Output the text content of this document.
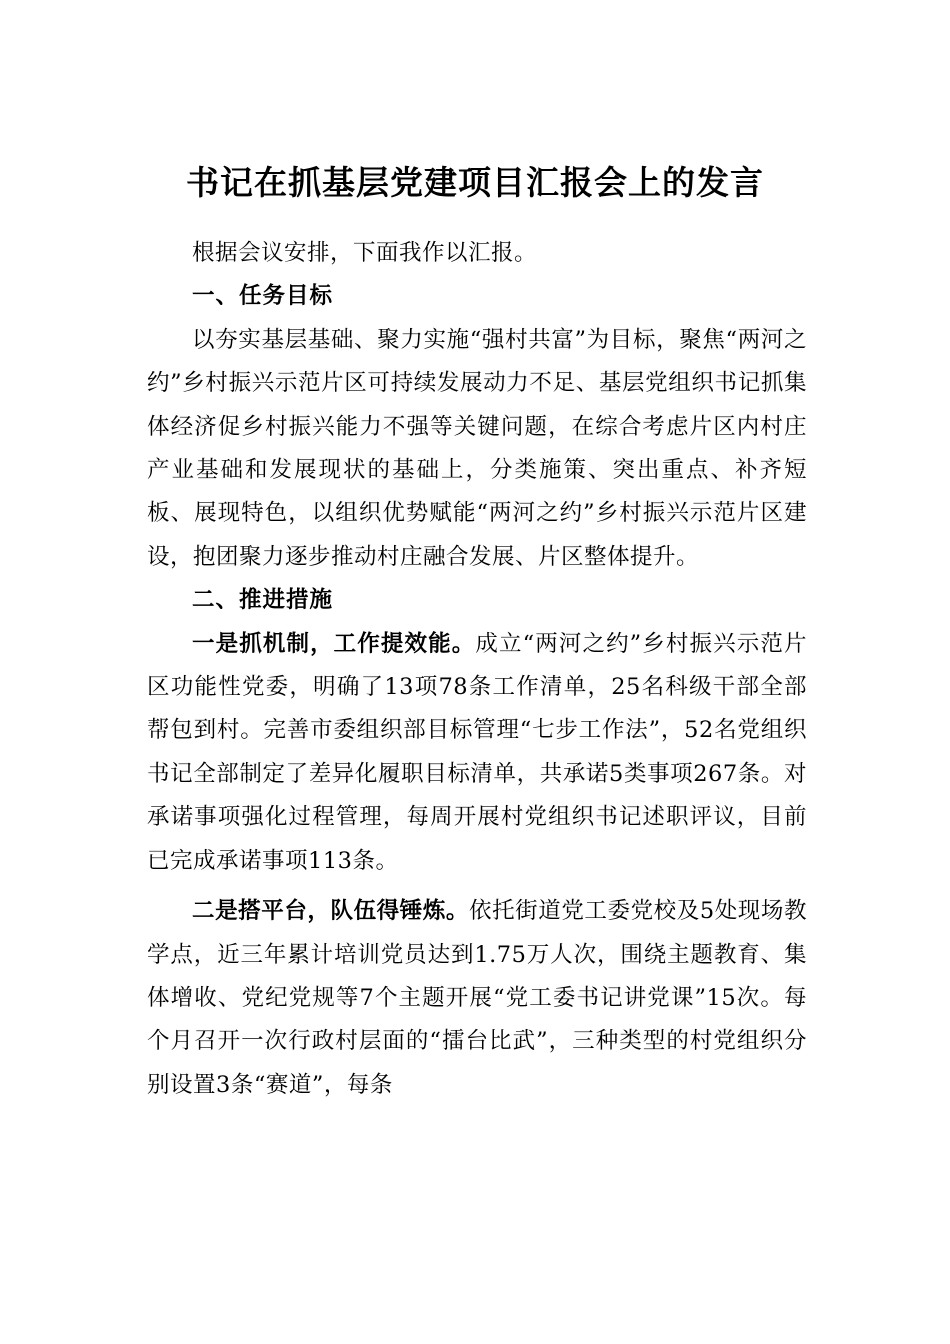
书记在抓基层党建项目汇报会上的发言

根据会议安排，下面我作以汇报。

一、任务目标

以夯实基层基础、聚力实施“强村共富”为目标，聚焦“两河之约”乡村振兴示范片区可持续发展动力不足、基层党组织书记抓集体经济促乡村振兴能力不强等关键问题，在综合考虑片区内村庄产业基础和发展现状的基础上，分类施策、突出重点、补齐短板、展现特色，以组织优势赋能“两河之约”乡村振兴示范片区建设，抱团聚力逐步推动村庄融合发展、片区整体提升。

二、推进措施

一是抓机制，工作提效能。成立“两河之约”乡村振兴示范片区功能性党委，明确了13项78条工作清单，25名科级干部全部帮包到村。完善市委组织部目标管理“七步工作法”，52名党组织书记全部制定了差异化履职目标清单，共承诺5类事项267条。对承诺事项强化过程管理，每周开展村党组织书记述职评议，目前已完成承诺事项113条。

二是搭平台，队伍得锤炼。依托街道党工委党校及5处现场教学点，近三年累计培训党员达到1.75万人次，围绕主题教育、集体增收、党纪党规等7个主题开展“党工委书记讲党课”15次。每个月召开一次行政村层面的“擂台比武”，三种类型的村党组织分别设置3条“赛道”，每条
